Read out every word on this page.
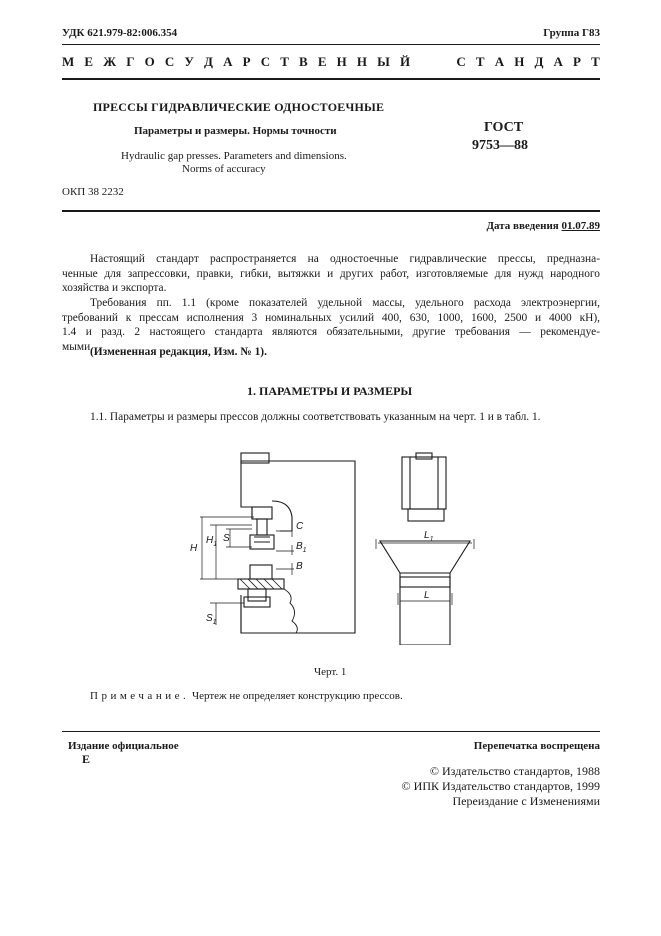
УДК 621.979-82:006.354	Группа Г83
М Е Ж Г О С У Д А Р С Т В Е Н Н Ы Й	С Т А Н Д А Р Т
ПРЕССЫ ГИДРАВЛИЧЕСКИЕ ОДНОСТОЕЧНЫЕ
Параметры и размеры. Нормы точности
Hydraulic gap presses. Parameters and dimensions.
Norms of accuracy
ОКП 38 2232
ГОСТ
9753—88
Дата введения 01.07.89
Настоящий стандарт распространяется на одностоечные гидравлические прессы, предназна-
ченные для запрессовки, правки, гибки, вытяжки и других работ, изготовляемые для нужд народного
хозяйства и экспорта.
Требования пп. 1.1 (кроме показателей удельной массы, удельного расхода электроэнергии,
требований к прессам исполнения 3 номинальных усилий 400, 630, 1000, 1600, 2500 и 4000 кН),
1.4 и разд. 2 настоящего стандарта являются обязательными, другие требования — рекомендуе-
мыми.
(Измененная редакция, Изм. № 1).
1. ПАРАМЕТРЫ И РАЗМЕРЫ
1.1. Параметры и размеры прессов должны соответствовать указанным на черт. 1 и в табл. 1.
H
$H_1$
S
$S_1$
C
$B_1$
B
$L_1$
L
Черт. 1
Примечание. Чертеж не определяет конструкцию прессов.
Издание официальное
Е
Перепечатка воспрещена
© Издательство стандартов, 1988
© ИПК Издательство стандартов, 1999
Переиздание с Изменениями
